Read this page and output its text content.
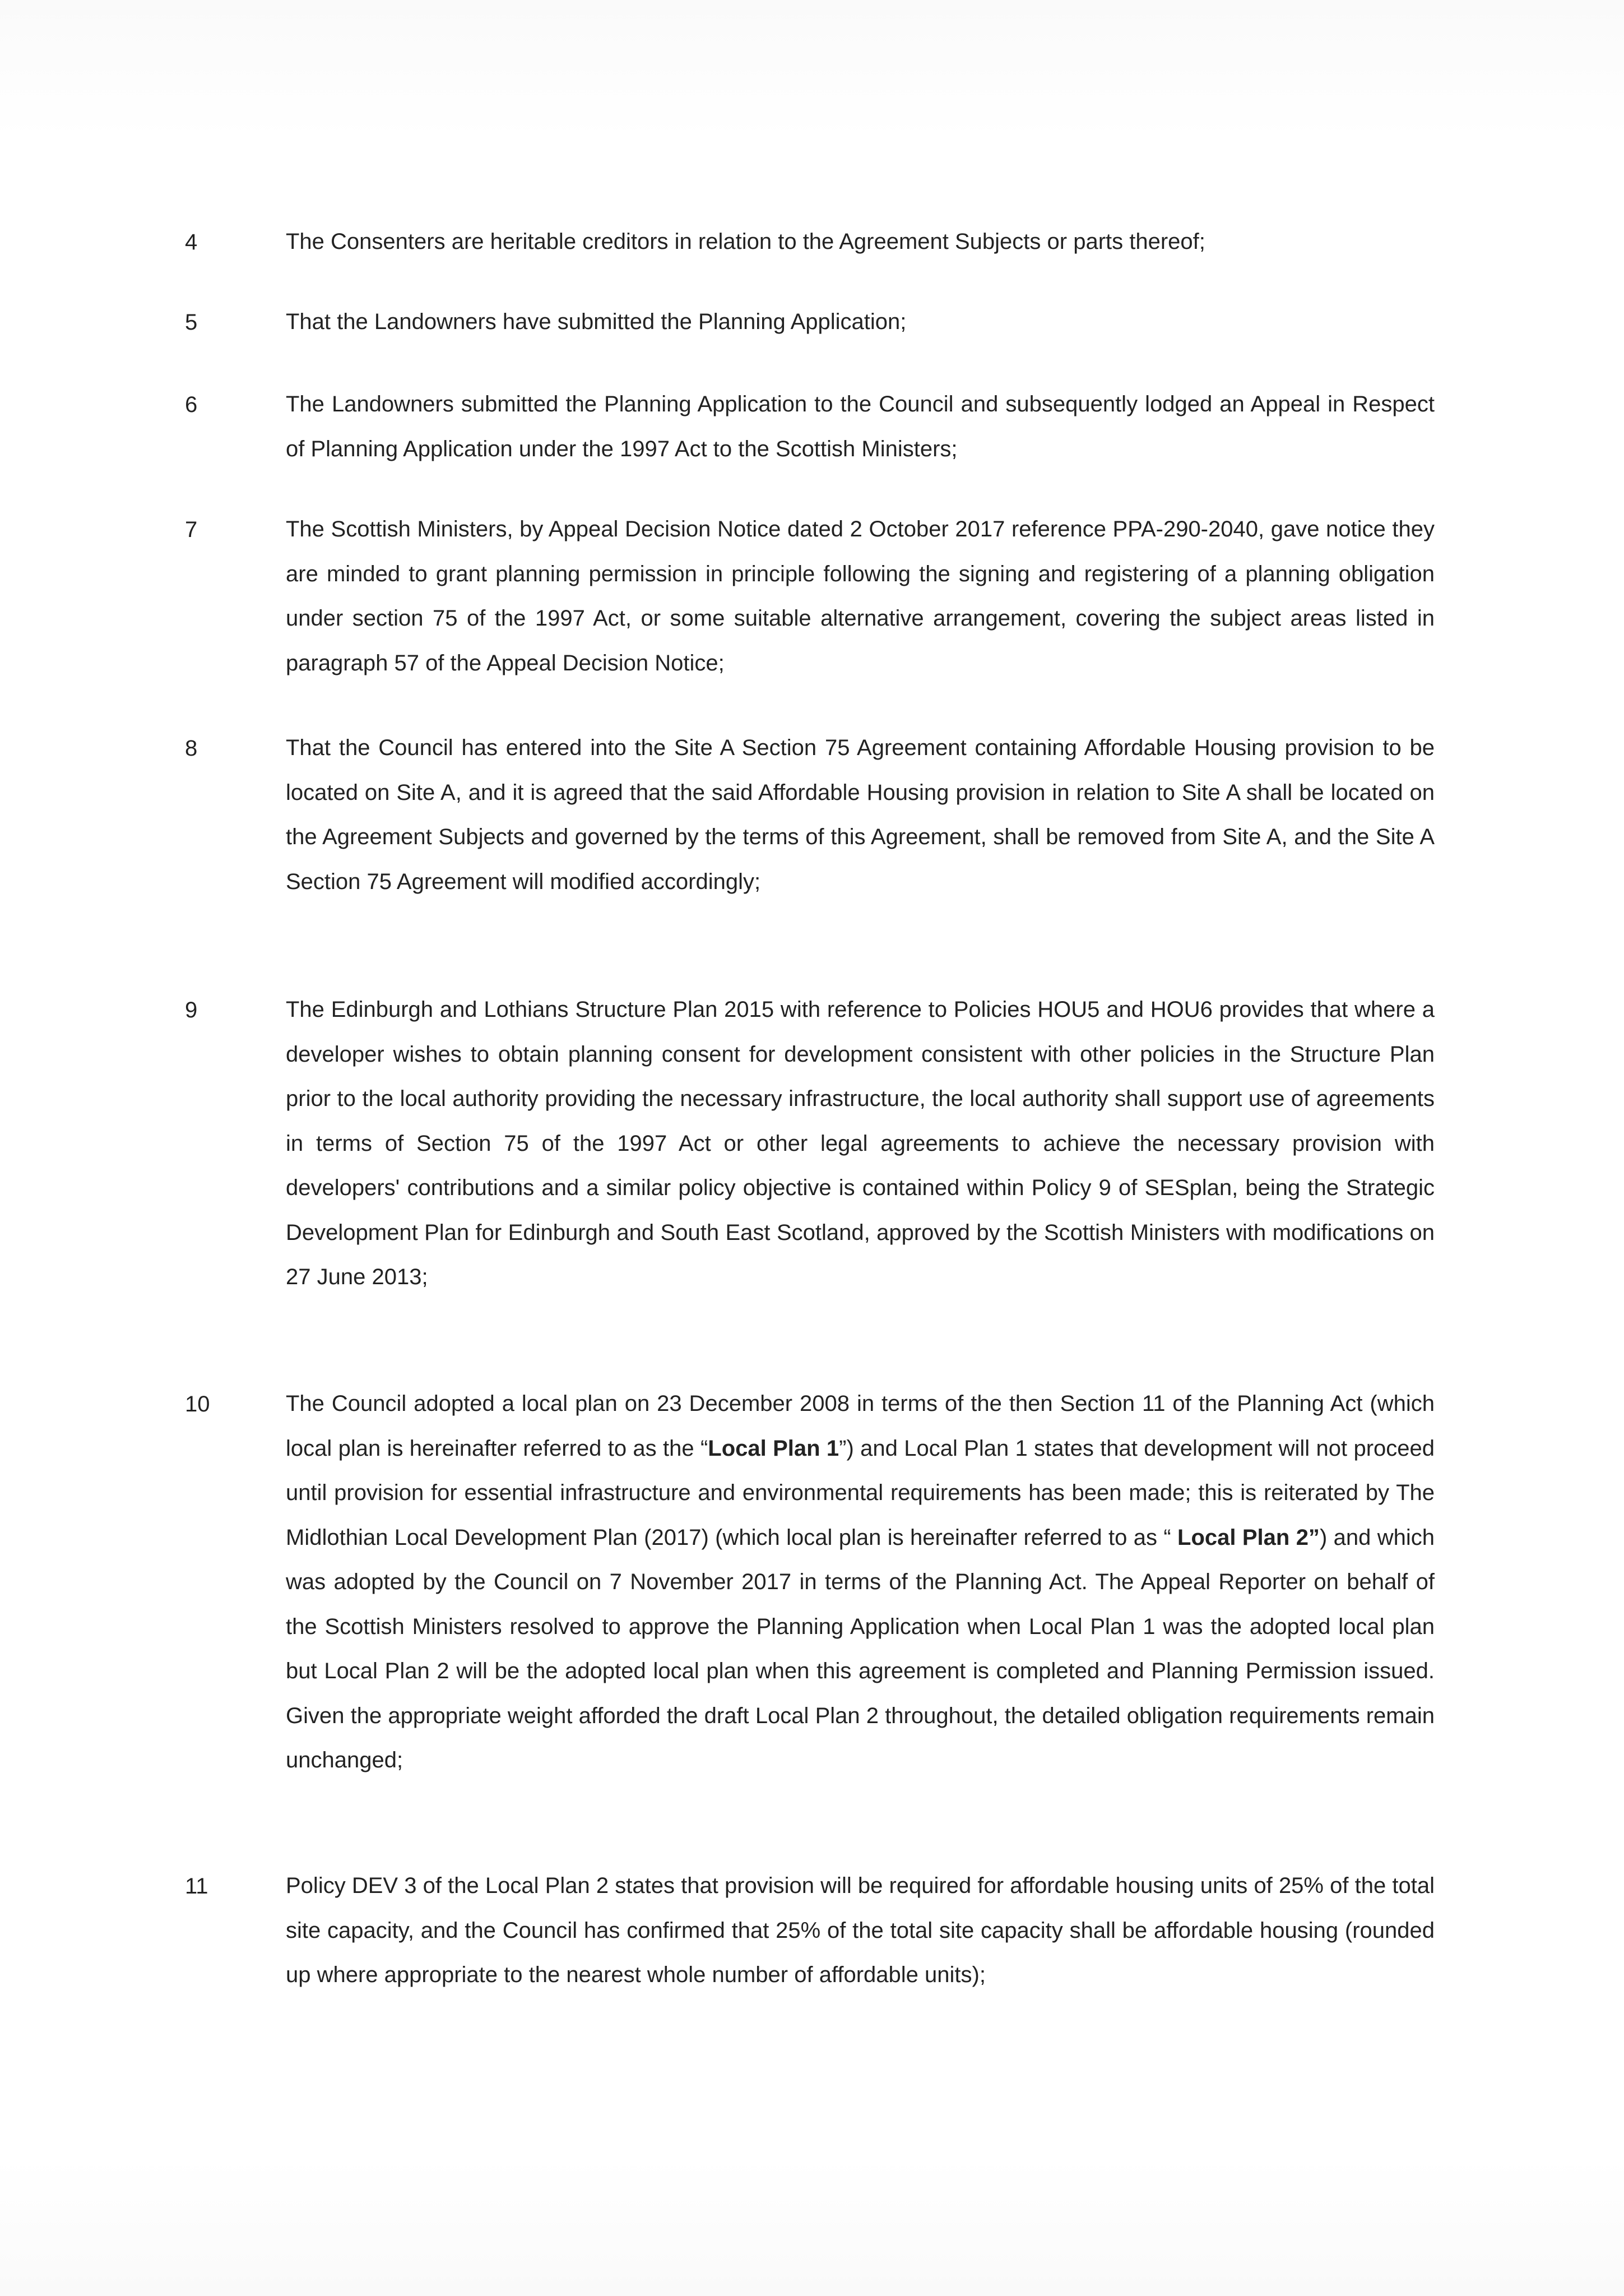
4	The Consenters are heritable creditors in relation to the Agreement Subjects or parts thereof;
5	That the Landowners have submitted the Planning Application;
6	The Landowners submitted the Planning Application to the Council and subsequently lodged an Appeal in Respect of Planning Application under the 1997 Act to the Scottish Ministers;
7	The Scottish Ministers, by Appeal Decision Notice dated 2 October 2017 reference PPA-290-2040, gave notice they are minded to grant planning permission in principle following the signing and registering of a planning obligation under section 75 of the 1997 Act, or some suitable alternative arrangement, covering the subject areas listed in paragraph 57 of the Appeal Decision Notice;
8	That the Council has entered into the Site A Section 75 Agreement containing Affordable Housing provision to be located on Site A, and it is agreed that the said Affordable Housing provision in relation to Site A shall be located on the Agreement Subjects and governed by the terms of this Agreement, shall be removed from Site A, and the Site A Section 75 Agreement will modified accordingly;
9	The Edinburgh and Lothians Structure Plan 2015 with reference to Policies HOU5 and HOU6 provides that where a developer wishes to obtain planning consent for development consistent with other policies in the Structure Plan prior to the local authority providing the necessary infrastructure, the local authority shall support use of agreements in terms of Section 75 of the 1997 Act or other legal agreements to achieve the necessary provision with developers' contributions and a similar policy objective is contained within Policy 9 of SESplan, being the Strategic Development Plan for Edinburgh and South East Scotland, approved by the Scottish Ministers with modifications on 27 June 2013;
10	The Council adopted a local plan on 23 December 2008 in terms of the then Section 11 of the Planning Act (which local plan is hereinafter referred to as the “Local Plan 1”) and Local Plan 1 states that development will not proceed until provision for essential infrastructure and environmental requirements has been made; this is reiterated by The Midlothian Local Development Plan (2017) (which local plan is hereinafter referred to as “ Local Plan 2”) and which was adopted by the Council on 7 November 2017 in terms of the Planning Act. The Appeal Reporter on behalf of the Scottish Ministers resolved to approve the Planning Application when Local Plan 1 was the adopted local plan but Local Plan 2 will be the adopted local plan when this agreement is completed and Planning Permission issued. Given the appropriate weight afforded the draft Local Plan 2 throughout, the detailed obligation requirements remain unchanged;
11	Policy DEV 3 of the Local Plan 2 states that provision will be required for affordable housing units of 25% of the total site capacity, and the Council has confirmed that 25% of the total site capacity shall be affordable housing (rounded up where appropriate to the nearest whole number of affordable units);
